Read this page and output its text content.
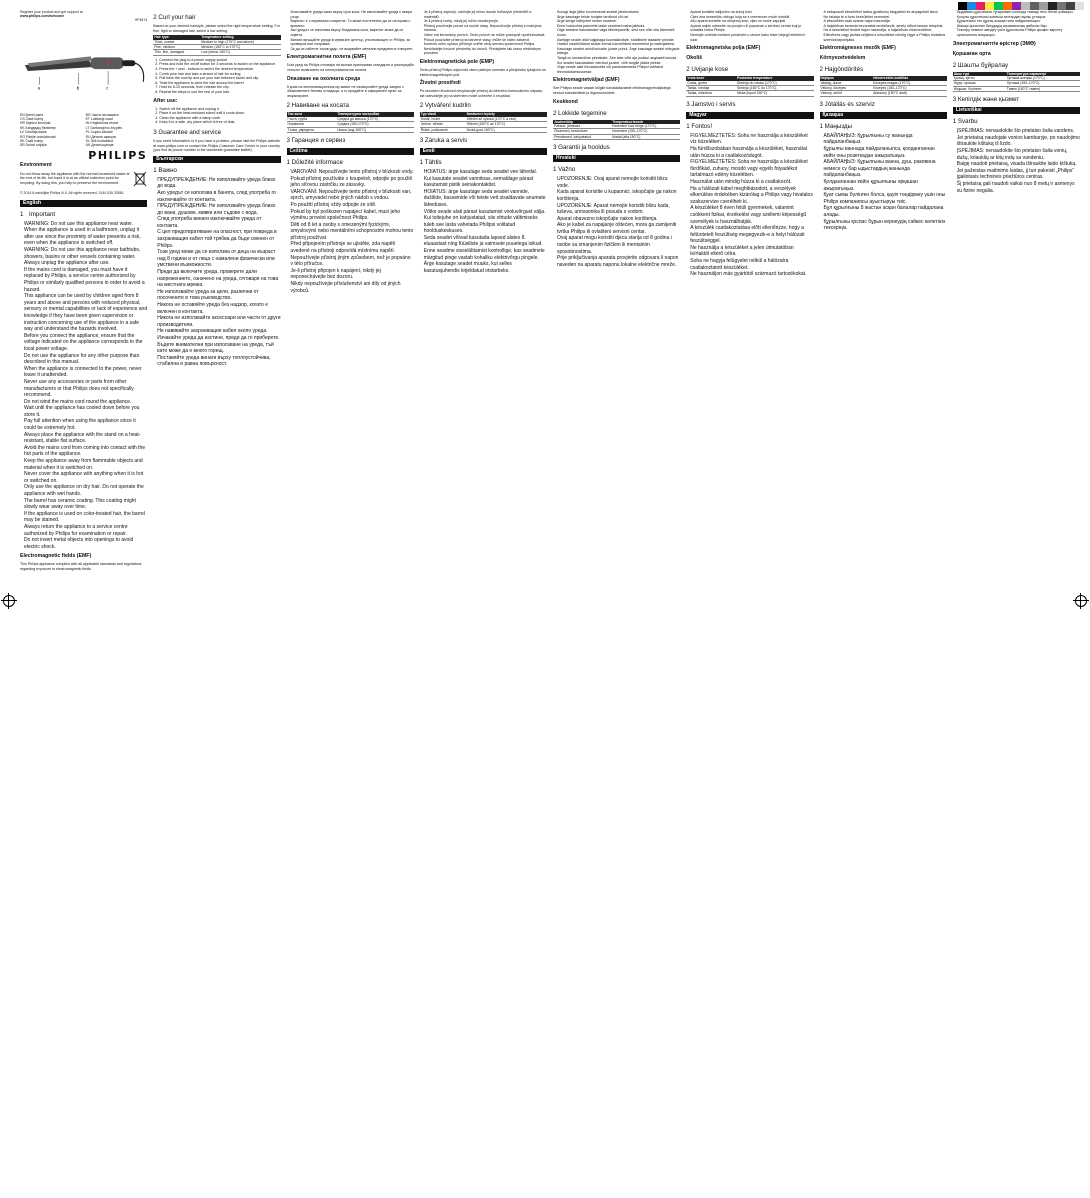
Register your product and get support at
www.philips.com/welcome
HP4674
a	b	c
EN Barrel parts	BG Части на машата
CS Části kulmy	ET Lokitangi osad
HR Dijelovi kovrčala	HU Hajsütővas részei
KK Бигудидің бөліктері	LT Garbanojimo žnyplės
LV Cirtotāja daļas	PL Części lokówki
RO Părţile ondulatorului	RU Детали щипцов
SK Časti kulmy	SL Deli kodralnika
SR Delovi uvijača	UK Деталі щипців
PHILIPS
Environment

Do not throw away the appliance with the normal household waste at the end of its life, but hand it in at an official collection point for recycling. By doing this, you help to preserve the environment.

© 2014 Koninklijke Philips N.V. All rights reserved. 3140 035 33581
English
1 Important
• WARNING: Do not use this appliance near water.
• When the appliance is used in a bathroom, unplug it after use since the proximity of water presents a risk, even when the appliance is switched off.
• WARNING: Do not use this appliance near bathtubs, showers, basins or other vessels containing water.
• Always unplug the appliance after use.
• If the mains cord is damaged, you must have it replaced by Philips, a service centre authorized by Philips or similarly qualified persons in order to avoid a hazard.
• This appliance can be used by children aged from 8 years and above and persons with reduced physical, sensory or mental capabilities or lack of experience and knowledge if they have been given supervision or instruction concerning use of the appliance in a safe way and understand the hazards involved.
• Before you connect the appliance, ensure that the voltage indicated on the appliance corresponds to the local power voltage.
• Do not use the appliance for any other purpose than described in this manual.
• When the appliance is connected to the power, never leave it unattended.
• Never use any accessories or parts from other manufacturers or that Philips does not specifically recommend.
• Do not wind the mains cord round the appliance.
• Wait until the appliance has cooled down before you store it.
• Pay full attention when using the appliance since it could be extremely hot.
• Always place the appliance with the stand on a heat-resistant, stable flat surface.
• Avoid the mains cord from coming into contact with the hot parts of the appliance.
• Keep the appliance away from flammable objects and material when it is switched on.
• Never cover the appliance with anything when it is hot or switched on.
• Only use the appliance on dry hair. Do not operate the appliance with wet hands.
• The barrel has ceramic coating. This coating might slowly wear away over time.
• If the appliance is used on color-treated hair, the barrel may be stained.
• Always return the appliance to a service centre authorized by Philips for examination or repair.
• Do not insert metal objects into openings to avoid electric shock.
Electromagnetic fields (EMF)

This Philips appliance complies with all applicable standards and regulations regarding exposure to electromagnetic fields.

2 Curl your hair

Based on your desired hairstyle, please select the right temperature setting. For fine, light or damaged hair, select a low setting.

Hair type	Temperature setting
Thick, coarse	Medium to high (170°C and above)
Fine, medium	Medium (150°C to 170°C)
Thin, fine, damaged	Low (below 150°C)
1. Connect the plug to a power supply socket.
2. Press and hold the on/off button for 3 seconds to switch on the appliance.
3. Press the + and - buttons to select the desired temperature.
4. Comb your hair and take a strand of hair for curling.
5. Pull back the cool tip and put your hair between barrel and clip.
6. Twist the appliance to wind the hair around the barrel.
7. Hold for 8-10 seconds, then release the clip.
8. Repeat the steps to curl the rest of your hair.
After use:
1. Switch off the appliance and unplug it.
2. Place it on the heat-resistant stand until it cools down.
3. Clean the appliance with a damp cloth.
4. Keep it in a safe, dry place which is free of dust.
3 Guarantee and service

If you need information or if you have a problem, please visit the Philips website at www.philips.com or contact the Philips Customer Care Centre in your country (you find its phone number in the worldwide guarantee leaflet).

Български
1 Важно
• ПРЕДУПРЕЖДЕНИЕ: Не използвайте уреда близо до вода.
• Ако уредът се използва в банята, след употреба го изключвайте от контакта.
• ПРЕДУПРЕЖДЕНИЕ: Не използвайте уреда близо до вани, душове, мивки или съдове с вода.
• След употреба винаги изключвайте уреда от контакта.
• С цел предотвратяване на опасност, при повреда в захранващия кабел той трябва да бъде сменен от Philips.
• Този уред може да се използва от деца на възраст над 8 години и от лица с намалени физически или умствени възможности.
• Преди да включите уреда, проверете дали напрежението, означено на уреда, отговаря на това на местната мрежа.
• Не използвайте уреда за цели, различни от посочените в това ръководство.
• Никога не оставяйте уреда без надзор, когато е включен в контакта.
• Никога не използвайте аксесоари или части от други производители.
• Не навивайте захранващия кабел около уреда.
• Изчакайте уреда да изстине, преди да го приберете.
• Бъдете внимателни при използване на уреда, тъй като може да е много горещ.
• Поставяйте уреда винаги върху топлоустойчива, стабилна и равна повърхност.
• Използвайте уреда само върху суха коса. Не използвайте уреда с мокри ръце.
• Варелът е с керамично покритие. То може постепенно да се изтърква с времето.
• Ако уредът се използва върху боядисана коса, варелът може да се оцвети.
• Винаги връщайте уреда в сервизен център, упълномощен от Philips, за проверка или поправка.
• За да се избегне токов удар, не вкарвайте метални предмети в отворите.
Електромагнитни полета (EMF)

Този уред на Philips отговаря на всички приложими стандарти и разпоредби относно излагането на електромагнитни полета.

Опазване на околната среда

В края на експлоатационния му живот не изхвърляйте уреда заедно с обикновените битови отпадъци, а го предайте в официален пункт за рециклиране.

2 Навиване на косата
Тип коса	Температурна настройка
Гъста, груба	Средна до висока (170°C)
Нормална	Средна (150-170°C)
Тънка, увредена	Ниска (под 150°C)
3 Гаранция и сервиз
Čeština
1 Důležité informace
• VAROVÁNÍ: Nepoužívejte tento přístroj v blízkosti vody.
• Pokud přístroj používáte v koupelně, odpojte po použití jeho síťovou zástrčku ze zásuvky.
• VAROVÁNÍ: Nepoužívejte tento přístroj v blízkosti van, sprch, umyvadel nebo jiných nádob s vodou.
• Po použití přístroj vždy odpojte ze sítě.
• Pokud by byl poškozen napájecí kabel, musí jeho výměnu provést společnost Philips.
• Děti od 8 let a osoby s omezenými fyzickými, smyslovými nebo mentálními schopnostmi mohou tento přístroj používat.
• Před připojením přístroje se ujistěte, zda napětí uvedené na přístroji odpovídá místnímu napětí.
• Nepoužívejte přístroj jiným způsobem, než je popsáno v této příručce.
• Je-li přístroj připojen k napájení, nikdy jej neponechávejte bez dozoru.
• Nikdy nepoužívejte příslušenství ani díly od jiných výrobců.
• Je-li přístroj zapnutý, udržujte jej mimo dosah hořlavých předmětů a materiálů.
• Je-li přístroj horký, nikdy jej ničím nezakrývejte.
• Přístroj používejte pouze na suché vlasy. Nepoužívejte přístroj s mokrýma rukama.
• Válec má keramický povrch. Tento povrch se může postupně opotřebovávat.
• Pokud používáte přístroj na barvené vlasy, může se válec zabarvit.
• Kontrolu nebo opravu přístroje svěřte vždy servisu společnosti Philips.
• Nevkládejte kovové předměty do otvorů. Předejdete tak úrazu elektrickým proudem.
Elektromagnetická pole (EMP)

Tento přístroj Philips odpovídá všem platným normám a předpisům týkajícím se elektromagnetických polí.

Životní prostředí

Po skončení životnosti nevyhazujte přístroj do běžného komunálního odpadu, ale odevzdejte jej na sběrném místě určeném k recyklaci.

2 Vytváření kudrlin
Typ vlasů	Nastavení teploty
Husté, hrubé	Střední až vysoká (170°C a více)
Jemné, střední	Střední (150°C až 170°C)
Řídké, poškozené	Nízká (pod 150°C)
3 Záruka a servis
Eesti
1 Tähtis
• HOIATUS: ärge kasutage seda seadet vee lähedal.
• Kui kasutate seadet vannitoas, eemaldage pärast kasutamist pistik seinakontaktist.
• HOIATUS: ärge kasutage seda seadet vannide, duššide, basseinide või teiste vett sisaldavate anumate läheduses.
• Võtke seade alati pärast kasutamist vooluvõrgust välja.
• Kui toitejuhe on kahjustatud, siis ohtude vältimiseks tuleb see lasta vahetada Philipsi volitatud hoolduskeskuses.
• Seda seadet võivad kasutada lapsed alates 8. eluaastast ning füüsiliste ja vaimsete puuetega isikud.
• Enne seadme sisselülitamist kontrollige, kas seadmele märgitud pinge vastab kohaliku elektrivõrgu pingele.
• Ärge kasutage seadet muuks, kui selles kasutusjuhendis kirjeldatud otstarbeks.
• Kunagi ärge jätke kuumenevat seadet järelevalveta.
• Ärge kasutage teiste tootjate tarvikuid või osi.
• Ärge kerige toitejuhet ümber seadme.
• Enne hoiukohta panemist laske seadmel maha jahtuda.
• Olge seadme kasutamisel väga tähelepanelik, sest see võib olla äärmiselt kuum.
• Asetage seade alati tugijalaga kuumakindlale, stabiilsele tasasele pinnale.
• Hoidke sisselülitatud seade eemal tuleohtlikest esemetest ja materjalidest.
• Kasutage seadet ainult kuivade juuste puhul. Ärge kasutage seadet märgade kätega.
• Tangil on keraamiline pinnakate. See kate võib aja jooksul aeglaselt kuluda.
• Kui seadet kasutatakse värvitud juustel, võib tangile jääda plekke.
• Viige seade alati ülevaatuseks või parandamiseks Philipsi volitatud teeninduskeskusesse.
Elektromagnetväljad (EMF)

See Philipsi seade vastab kõigile kohaldatavatele elektromagnetväljadega seotud standarditele ja õigusnormidele.

Keskkond
2 Lokkide tegemine
Juuksetüüp	Temperatuuriseade
Paksud, jämedad	Keskmine kuni kõrge (170°C)
Õhukesed, keskmised	Keskmine (150–170°C)
Peenikesed, kahjustatud	Madal (alla 150°C)
3 Garantii ja hooldus
Hrvatski
1 Važno
• UPOZORENJE: Ovaj aparat nemojte koristiti blizu vode.
• Kada aparat koristite u kupaonici, iskopčajte ga nakon korištenja.
• UPOZORENJE: Aparat nemojte koristiti blizu kada, tuševa, umivaonika ili posuda s vodom.
• Aparat obavezno iskopčajte nakon korištenja.
• Ako je kabel za napajanje oštećen, mora ga zamijeniti tvrtka Philips ili ovlašteni servisni centar.
• Ovaj aparat mogu koristiti djeca starija od 8 godina i osobe sa smanjenim fizičkim ili mentalnim sposobnostima.
• Prije priključivanja aparata provjerite odgovara li napon naveden na aparatu naponu lokalne električne mreže.
• Aparat koristite isključivo na suhoj kosi.
• Cijev ima keramičku oblogu koja se s vremenom može istrošiti.
• Ako aparat koristite na obojenoj kosi, cijev se može zaprljati.
• Aparat uvijek odnesite na provjeru ili popravak u servisni centar koji je ovlastila tvrtka Philips.
• Nemojte umetati metalne predmete u otvore kako biste izbjegli električni udar.
Elektromagnetska polja (EMF)
Okoliš
2 Uvijanje kose
Vrsta kose	Postavka temperature
Gusta, gruba	Srednja do visoka (170°C)
Tanka, srednja	Srednja (150°C do 170°C)
Tanka, oštećena	Niska (ispod 150°C)
3 Jamstvo i servis
Magyar
1 Fontos!
• FIGYELMEZTETÉS: Soha ne használja a készüléket víz közelében.
• Ha fürdőszobában használja a készüléket, használat után húzza ki a csatlakozódugót.
• FIGYELMEZTETÉS: Soha ne használja a készüléket fürdőkád, zuhany, mosdó vagy egyéb folyadékot tartalmazó edény közelében.
• Használat után mindig húzza ki a csatlakozót.
• Ha a hálózati kábel meghibásodott, a veszélyek elkerülése érdekében kizárólag a Philips vagy hivatalos szakszervize cserélheti ki.
• A készüléket 8 éven felüli gyermekek, valamint csökkent fizikai, érzékelési vagy szellemi képességű személyek is használhatják.
• A készülék csatlakoztatása előtt ellenőrizze, hogy a feltüntetett feszültség megegyezik-e a helyi hálózati feszültséggel.
• Ne használja a készüléket a jelen útmutatóban leírtaktól eltérő célra.
• Soha ne hagyja felügyelet nélkül a hálózatra csatlakoztatott készüléket.
• Ne használjon más gyártótól származó tartozékokat.
• A bekapcsolt készüléket tartsa gyúlékony tárgyaktól és anyagoktól távol.
• Ne takarja le a forró készüléket semmivel.
• A készüléket csak száraz hajon használja.
• A hajsütővas kerámia bevonattal rendelkezik, amely idővel lassan lekophat.
• Ha a készüléket festett hajon használja, a hajsütővas elszíneződhet.
• Ellenőrzés vagy javítás céljából a készüléket mindig vigye a Philips hivatalos szervizközpontjába.
Elektromágneses mezők (EMF)
Környezetvédelem
2 Hajgöndörítés
Hajtípus	Hőmérséklet-beállítás
Vastag, durva	Közepes-magas (170°C)
Vékony, közepes	Közepes (150–170°C)
Vékony, sérült	Alacsony (150°C alatt)
3 Jótállás és szerviz
Қазақша
1 Маңызды
• АБАЙЛАҢЫЗ: Құрылғыны су жанында пайдаланбаңыз.
• Құрылғы ваннада пайдаланылса, қолданғаннан кейін оны розеткадан ажыратыңыз.
• АБАЙЛАҢЫЗ: Құрылғыны ванна, душ, раковина немесе су бар ыдыстардың жанында пайдаланбаңыз.
• Қолданғаннан кейін құрылғыны әрқашан ажыратыңыз.
• Қуат сымы бүлінген болса, қауіп төндірмеу үшін оны Philips компаниясы ауыстыруы тиіс.
• Бұл құрылғыны 8 жастан асқан балалар пайдалана алады.
• Құрылғыны қоспас бұрын кернеудің сәйкес келетінін тексеріңіз.
• Әрдайым құрылғыны тұғырымен ыстыққа төзімді тегіс бетке қойыңыз.
• Қосулы құрылғыны жанғыш заттардан аулақ ұстаңыз.
• Құрылғыны тек құрғақ шашқа ғана пайдаланыңыз.
• Шашқа арналған бигудидің керамикалық жабыны бар.
• Тексеру немесе жөндеу үшін құрылғыны Philips қызмет көрсету орталығына апарыңыз.
Электромагниттік өрістер (ЭМӨ)
Қоршаған орта
2 Шашты бұйралау
Шаш түрі	Температура параметрі
Қалың, қатты	Орташа-жоғары (170°C)
Жұқа, орташа	Орташа (150–170°C)
Жіңішке, бүлінген	Төмен (150°C төмен)
3 Кепілдік және қызмет
Lietuviškai
1 Svarbu
• ĮSPĖJIMAS: nenaudokite šio prietaiso šalia vandens.
• Jei prietaisą naudojate vonios kambaryje, po naudojimo ištraukite kištuką iš lizdo.
• ĮSPĖJIMAS: nenaudokite šio prietaiso šalia vonių, dušų, kriauklių ar kitų indų su vandeniu.
• Baigę naudoti prietaisą, visada ištraukite laido kištuką.
• Jei pažeistas maitinimo laidas, jį turi pakeisti „Philips“ įgaliotasis techninės priežiūros centras.
• Šį prietaisą gali naudoti vaikai nuo 8 metų ir asmenys su fizine negalia.
